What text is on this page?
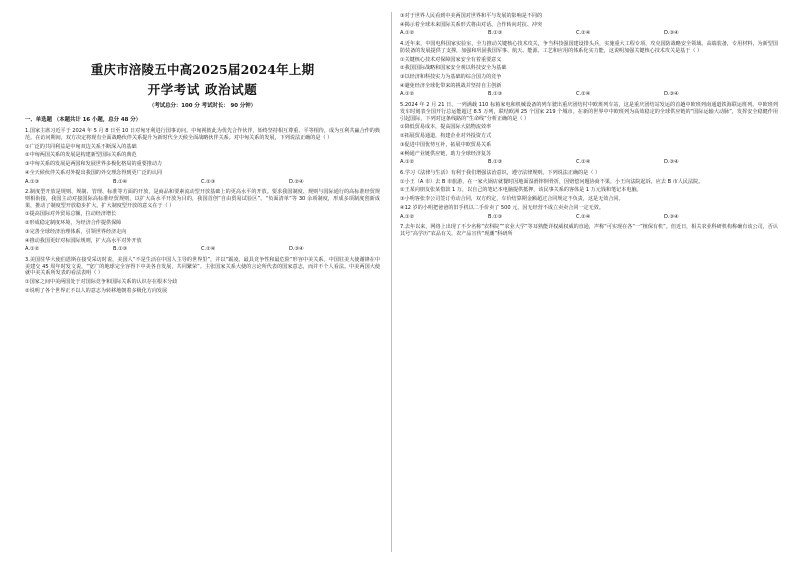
重庆市涪陵五中高2025届2024年上期
开学考试 政治试题
（考试总分：100 分 考试时长： 90 分钟）
一、单选题 （本题共计 16 小题，总分 48 分）
1.国家主席习近平于 2024 年 5 月 8 日至 10 日对匈牙利进行国事访问。中匈视彼此为优先合作伙伴，始终坚持相互尊重、平等相待，成为互利共赢合作的典范。在访问期间，双方决定将现有全面战略伙伴关系提升为新时代全天候全面战略伙伴关系。对中匈关系的发展，下列说法正确的是（ ）
①广泛的共同利益是中匈双边关系不断深入的基础
②中匈两国关系的发展是构建新型国际关系的典范
③中匈关系的发展是两国和发展世界多极化格局的重要推动力
④全天候伙伴关系对外提出我国的外交理念得到更广泛的认同
A.①③	B.①④	C.②③	D.②④
2.制度型开放是规则、规制、管理、标准等方面的开放，是商品和要素流动型开放基础上的更高水平的开放。要求我国制度、规则与国际通行的高标准经贸规则相衔接，我国主动对接国际高标准经贸规则，以扩大高水平开放为目的，我国首创“自由贸易试验区”、“负面清单”等 30 余项制度，形成多项制度创新成果，推动了制度型开放稳步扩大。扩大制度型开放的意义在于（ ）
①提高国际对外贸易总额，拉动经济增长
②形成稳定制度环境，为经济合作提供保障
③完善全球经济治理体系，引领世界经济走向
④推动我国更好对标国际规则，扩大高水平对外开放
A.①②	B.①③	C.②④	D.③④
3.美国驻华大使伯恩斯在接受采访时说，美国人“不是生活在中国人主导的世界里”，并以“霸凌、最具竞争性和最危险”形容中美关系。中国驻美大使谢锋在中美建交 45 周年时发文说，“宽广的地球完全容得下中美各自发展，共同繁荣”。主张国家关系大使的言论所代表的国家意志，而并不个人看法。中美两国大使就中美关系所发表的看法表明（ ）
①国家之间中美两国处于对国际竞争和国际关系的认识存在根本分歧
②说明了各个世界正不以人的意志为转移地朝着多极化方向发展
③对于世界人民看到中美两国对世界和平与发展的影响是不同的
④揭示着全球未来国际关系形式将由对话、合作转向对抗、冲突
A.①②	B.①③	C.②④	D.③④
4.近年来，中国电科国家实验室，全力推动关键核心技术攻关，争当科技强国建设排头兵，实施重大工程专项，攻克国防战略安全领域、高端装备，专用材料，为新型国防装备的发展提供了支撑，加强和巩固我国军事、航天、能源、工艺和应用的体系化实力能，这说明加强关键核心技术攻关是基于（ ）
①关键核心技术对保障国家安全有着重要意义
②我国国际战略和国家安全观以科技安全为基础
③以经济和科技实力为基础的综合国力的竞争
④避免经济全球化带来的挑战并坚持自主创新
A.①②	B.①③	C.②④	D.③④
5.2024 年 2 月 21 日，一列满载 110 标箱家电和机械设备的列车驶出重庆团结村中欧班列车站，这是重庆团结站发运的首趟中欧班列南通道铁海联运班列。中欧班列发车时刻表全国开行总运能超过 8.5 万列，联结欧洲 25 个国家 219 个城市。在新的世界中中欧班列为高效稳定的全球供应链的“国际运输大动脉”，发挥安全稳健作用引起国际，下列对这条线路的“生命线”分析正确的是（ ）
①降低贸易成本，提高国际大陆物流效率
②拓展贸易通道，构建企业对外投资方式
③促进中国优势互补，拓展中欧贸易关系
④畅通产业链供应链，助力全球经济复苏
A.①②	B.①③	C.②④	D.③④
6.学习《法律与生活》有利于我们增强法治意识，遵守法律规则。下列说法正确的是（ ）
①小王（A 市）去 B 市旅游，在一家火锅店就餐时因地面湿滑摔倒骨折，因赔偿问题协商不果，小王向法院起诉，应去 B 市人民法院。
②王某向朋友张某借款 1 万，以自己的笔记本电脑提供抵押，该民事关系的客体是 1 万元钱和笔记本电脑。
③小明客张李公司签订劳动合同，双方约定，车价结算期金额超过合同规定不负责，这是无效合同。
④12 岁的小明把爸爸的旧手机以二手价卖了 500 元，因无经营不成立卖卖合同一定无效。
A.①②	B.①③	C.②④	D.③④
7.去年以来，网络上出现了不少名称“农科院”“农业大学”等耳熟能详权威权威的直通，声称“可实现在各“一”植保有机”。但近日，相关农业科研机构称确有该公司，否认其号“高学历”农品有关，农产品宣传“现潮”科研所
